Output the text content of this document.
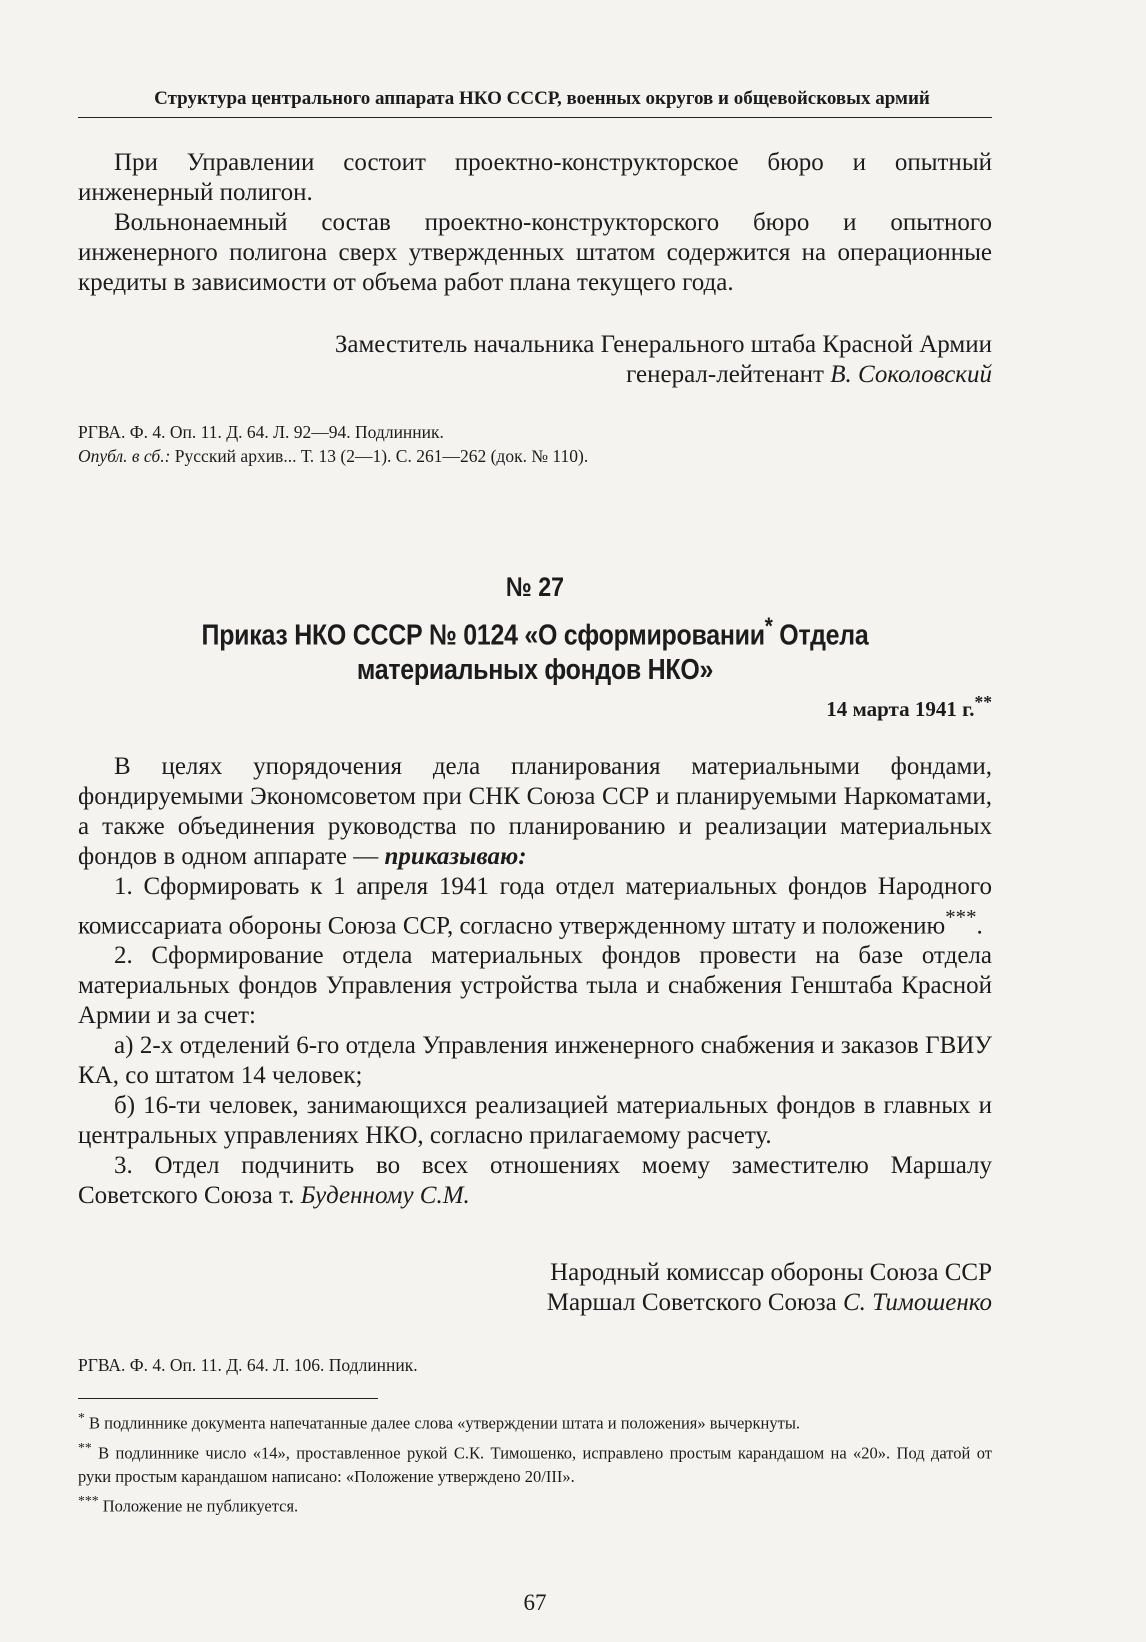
Структура центрального аппарата НКО СССР, военных округов и общевойсковых армий

При Управлении состоит проектно-конструкторское бюро и опытный инженерный полигон.

Вольнонаемный состав проектно-конструкторского бюро и опытного инженерного полигона сверх утвержденных штатом содержится на операционные кредиты в зависимости от объема работ плана текущего года.

Заместитель начальника Генерального штаба Красной Армии

генерал-лейтенант В. Соколовский

РГВА. Ф. 4. Оп. 11. Д. 64. Л. 92—94. Подлинник.
Опубл. в сб.: Русский архив... Т. 13 (2—1). С. 261—262 (док. № 110).
№ 27
Приказ НКО СССР № 0124 «О сформировании* Отдела материальных фондов НКО»
14 марта 1941 г.**

В целях упорядочения дела планирования материальными фондами, фондируемыми Экономсоветом при СНК Союза ССР и планируемыми Наркоматами, а также объединения руководства по планированию и реализации материальных фондов в одном аппарате — приказываю:

1. Сформировать к 1 апреля 1941 года отдел материальных фондов Народного комиссариата обороны Союза ССР, согласно утвержденному штату и положению***.

2. Сформирование отдела материальных фондов провести на базе отдела материальных фондов Управления устройства тыла и снабжения Генштаба Красной Армии и за счет:

а) 2-х отделений 6-го отдела Управления инженерного снабжения и заказов ГВИУ КА, со штатом 14 человек;

б) 16-ти человек, занимающихся реализацией материальных фондов в главных и центральных управлениях НКО, согласно прилагаемому расчету.

3. Отдел подчинить во всех отношениях моему заместителю Маршалу Советского Союза т. Буденному С.М.

Народный комиссар обороны Союза ССР

Маршал Советского Союза С. Тимошенко

РГВА. Ф. 4. Оп. 11. Д. 64. Л. 106. Подлинник.

* В подлиннике документа напечатанные далее слова «утверждении штата и положения» вычеркнуты.

** В подлиннике число «14», проставленное рукой С.К. Тимошенко, исправлено простым карандашом на «20». Под датой от руки простым карандашом написано: «Положение утверждено 20/III».

*** Положение не публикуется.

67
